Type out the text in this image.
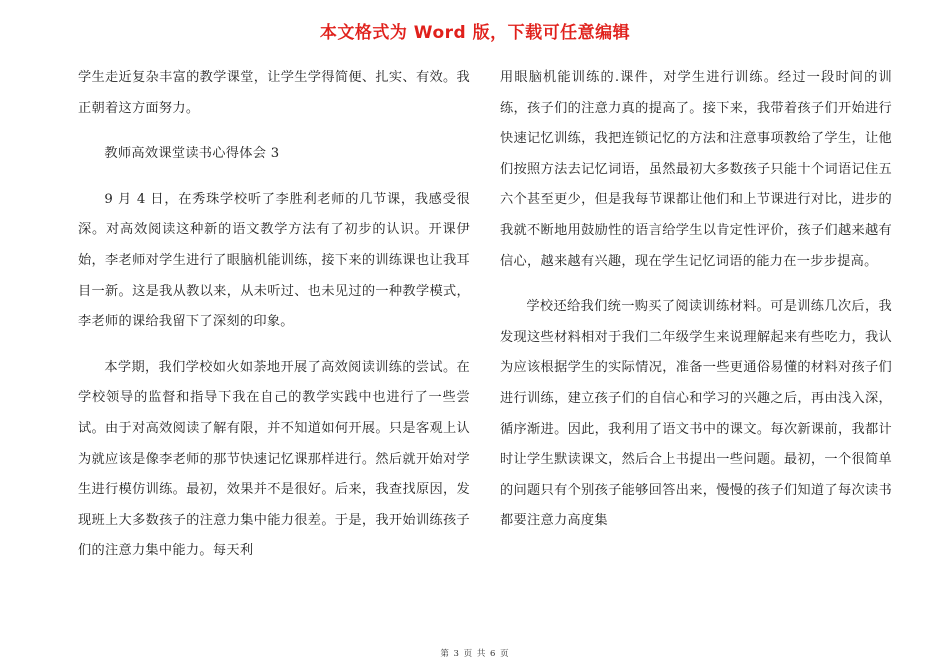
本文格式为 Word 版，下载可任意编辑

学生走近复杂丰富的教学课堂，让学生学得简便、扎实、有效。我正朝着这方面努力。

教师高效课堂读书心得体会 3

9 月 4 日，在秀珠学校听了李胜利老师的几节课，我感受很深。对高效阅读这种新的语文教学方法有了初步的认识。开课伊始，李老师对学生进行了眼脑机能训练，接下来的训练课也让我耳目一新。这是我从教以来，从未听过、也未见过的一种教学模式，李老师的课给我留下了深刻的印象。

本学期，我们学校如火如荼地开展了高效阅读训练的尝试。在学校领导的监督和指导下我在自己的教学实践中也进行了一些尝试。由于对高效阅读了解有限，并不知道如何开展。只是客观上认为就应该是像李老师的那节快速记忆课那样进行。然后就开始对学生进行模仿训练。最初，效果并不是很好。后来，我查找原因，发现班上大多数孩子的注意力集中能力很差。于是，我开始训练孩子们的注意力集中能力。每天利

用眼脑机能训练的.课件，对学生进行训练。经过一段时间的训练，孩子们的注意力真的提高了。接下来，我带着孩子们开始进行快速记忆训练，我把连锁记忆的方法和注意事项教给了学生，让他们按照方法去记忆词语，虽然最初大多数孩子只能十个词语记住五六个甚至更少，但是我每节课都让他们和上节课进行对比，进步的我就不断地用鼓励性的语言给学生以肯定性评价，孩子们越来越有信心，越来越有兴趣，现在学生记忆词语的能力在一步步提高。

学校还给我们统一购买了阅读训练材料。可是训练几次后，我发现这些材料相对于我们二年级学生来说理解起来有些吃力，我认为应该根据学生的实际情况，准备一些更通俗易懂的材料对孩子们进行训练，建立孩子们的自信心和学习的兴趣之后，再由浅入深，循序渐进。因此，我利用了语文书中的课文。每次新课前，我都计时让学生默读课文，然后合上书提出一些问题。最初，一个很简单的问题只有个别孩子能够回答出来，慢慢的孩子们知道了每次读书都要注意力高度集

第 3 页 共 6 页
